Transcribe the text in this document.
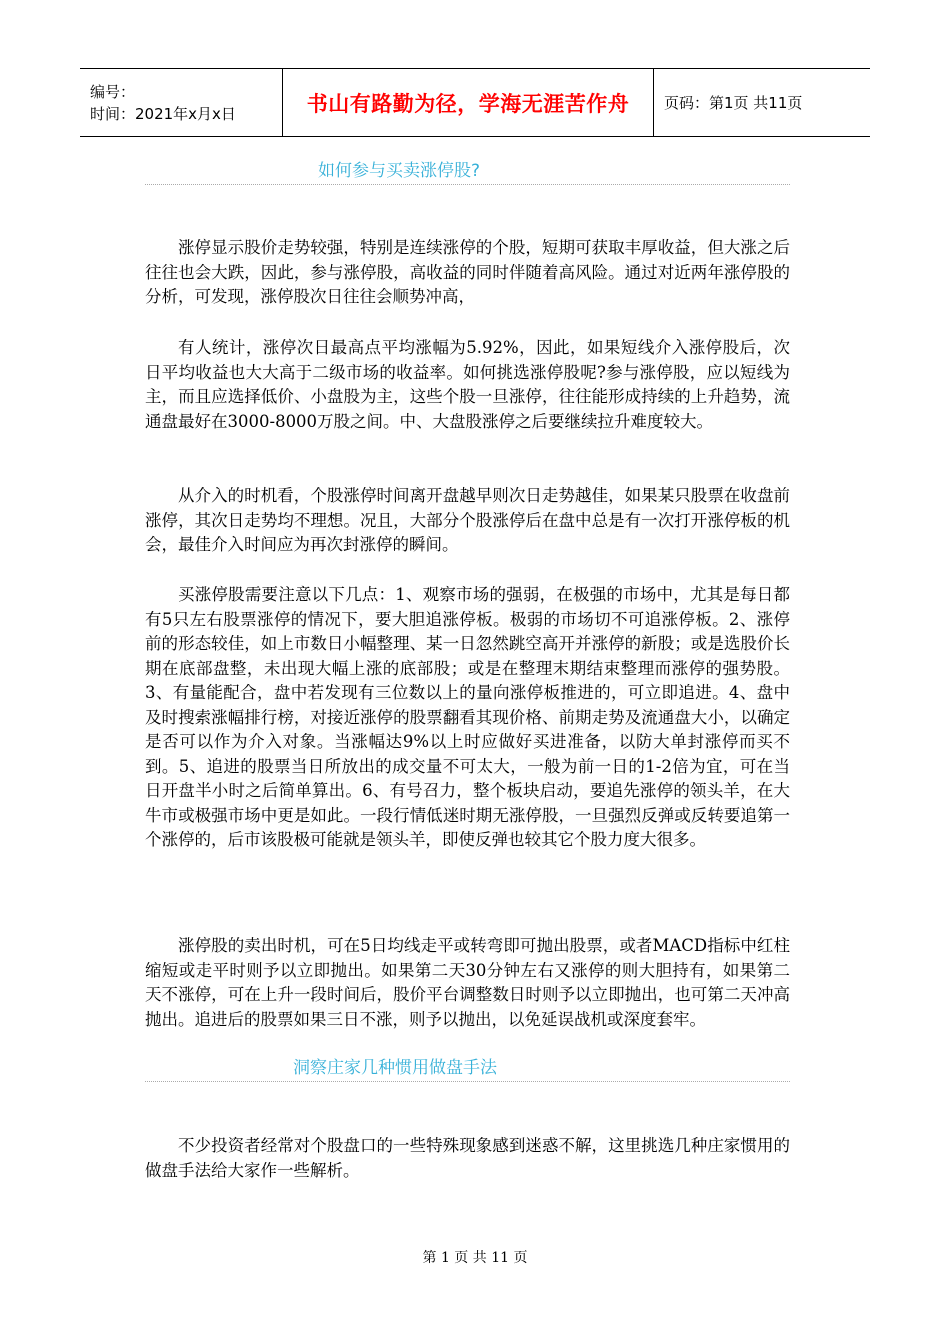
编号：
时间：2021年x月x日	书山有路勤为径，学海无涯苦作舟 页码：第1页 共11页
如何参与买卖涨停股?

涨停显示股价走势较强，特别是连续涨停的个股，短期可获取丰厚收益，但大涨之后往往也会大跌，因此，参与涨停股，高收益的同时伴随着高风险。通过对近两年涨停股的分析，可发现，涨停股次日往往会顺势冲高，

有人统计，涨停次日最高点平均涨幅为5.92%，因此，如果短线介入涨停股后，次日平均收益也大大高于二级市场的收益率。如何挑选涨停股呢?参与涨停股，应以短线为主，而且应选择低价、小盘股为主，这些个股一旦涨停，往往能形成持续的上升趋势，流通盘最好在3000-8000万股之间。中、大盘股涨停之后要继续拉升难度较大。

从介入的时机看，个股涨停时间离开盘越早则次日走势越佳，如果某只股票在收盘前涨停，其次日走势均不理想。况且，大部分个股涨停后在盘中总是有一次打开涨停板的机会，最佳介入时间应为再次封涨停的瞬间。

买涨停股需要注意以下几点：1、观察市场的强弱，在极强的市场中，尤其是每日都有5只左右股票涨停的情况下，要大胆追涨停板。极弱的市场切不可追涨停板。2、涨停前的形态较佳，如上市数日小幅整理、某一日忽然跳空高开并涨停的新股；或是选股价长期在底部盘整，未出现大幅上涨的底部股；或是在整理末期结束整理而涨停的强势股。3、有量能配合，盘中若发现有三位数以上的量向涨停板推进的，可立即追进。4、盘中及时搜索涨幅排行榜，对接近涨停的股票翻看其现价格、前期走势及流通盘大小，以确定是否可以作为介入对象。当涨幅达9%以上时应做好买进准备，以防大单封涨停而买不到。5、追进的股票当日所放出的成交量不可太大，一般为前一日的1-2倍为宜，可在当日开盘半小时之后简单算出。6、有号召力，整个板块启动，要追先涨停的领头羊，在大牛市或极强市场中更是如此。一段行情低迷时期无涨停股，一旦强烈反弹或反转要追第一个涨停的，后市该股极可能就是领头羊，即使反弹也较其它个股力度大很多。

涨停股的卖出时机，可在5日均线走平或转弯即可抛出股票，或者MACD指标中红柱缩短或走平时则予以立即抛出。如果第二天30分钟左右又涨停的则大胆持有，如果第二天不涨停，可在上升一段时间后，股价平台调整数日时则予以立即抛出，也可第二天冲高抛出。追进后的股票如果三日不涨，则予以抛出，以免延误战机或深度套牢。

洞察庄家几种惯用做盘手法

不少投资者经常对个股盘口的一些特殊现象感到迷惑不解，这里挑选几种庄家惯用的做盘手法给大家作一些解析。

第 1 页 共 11 页
